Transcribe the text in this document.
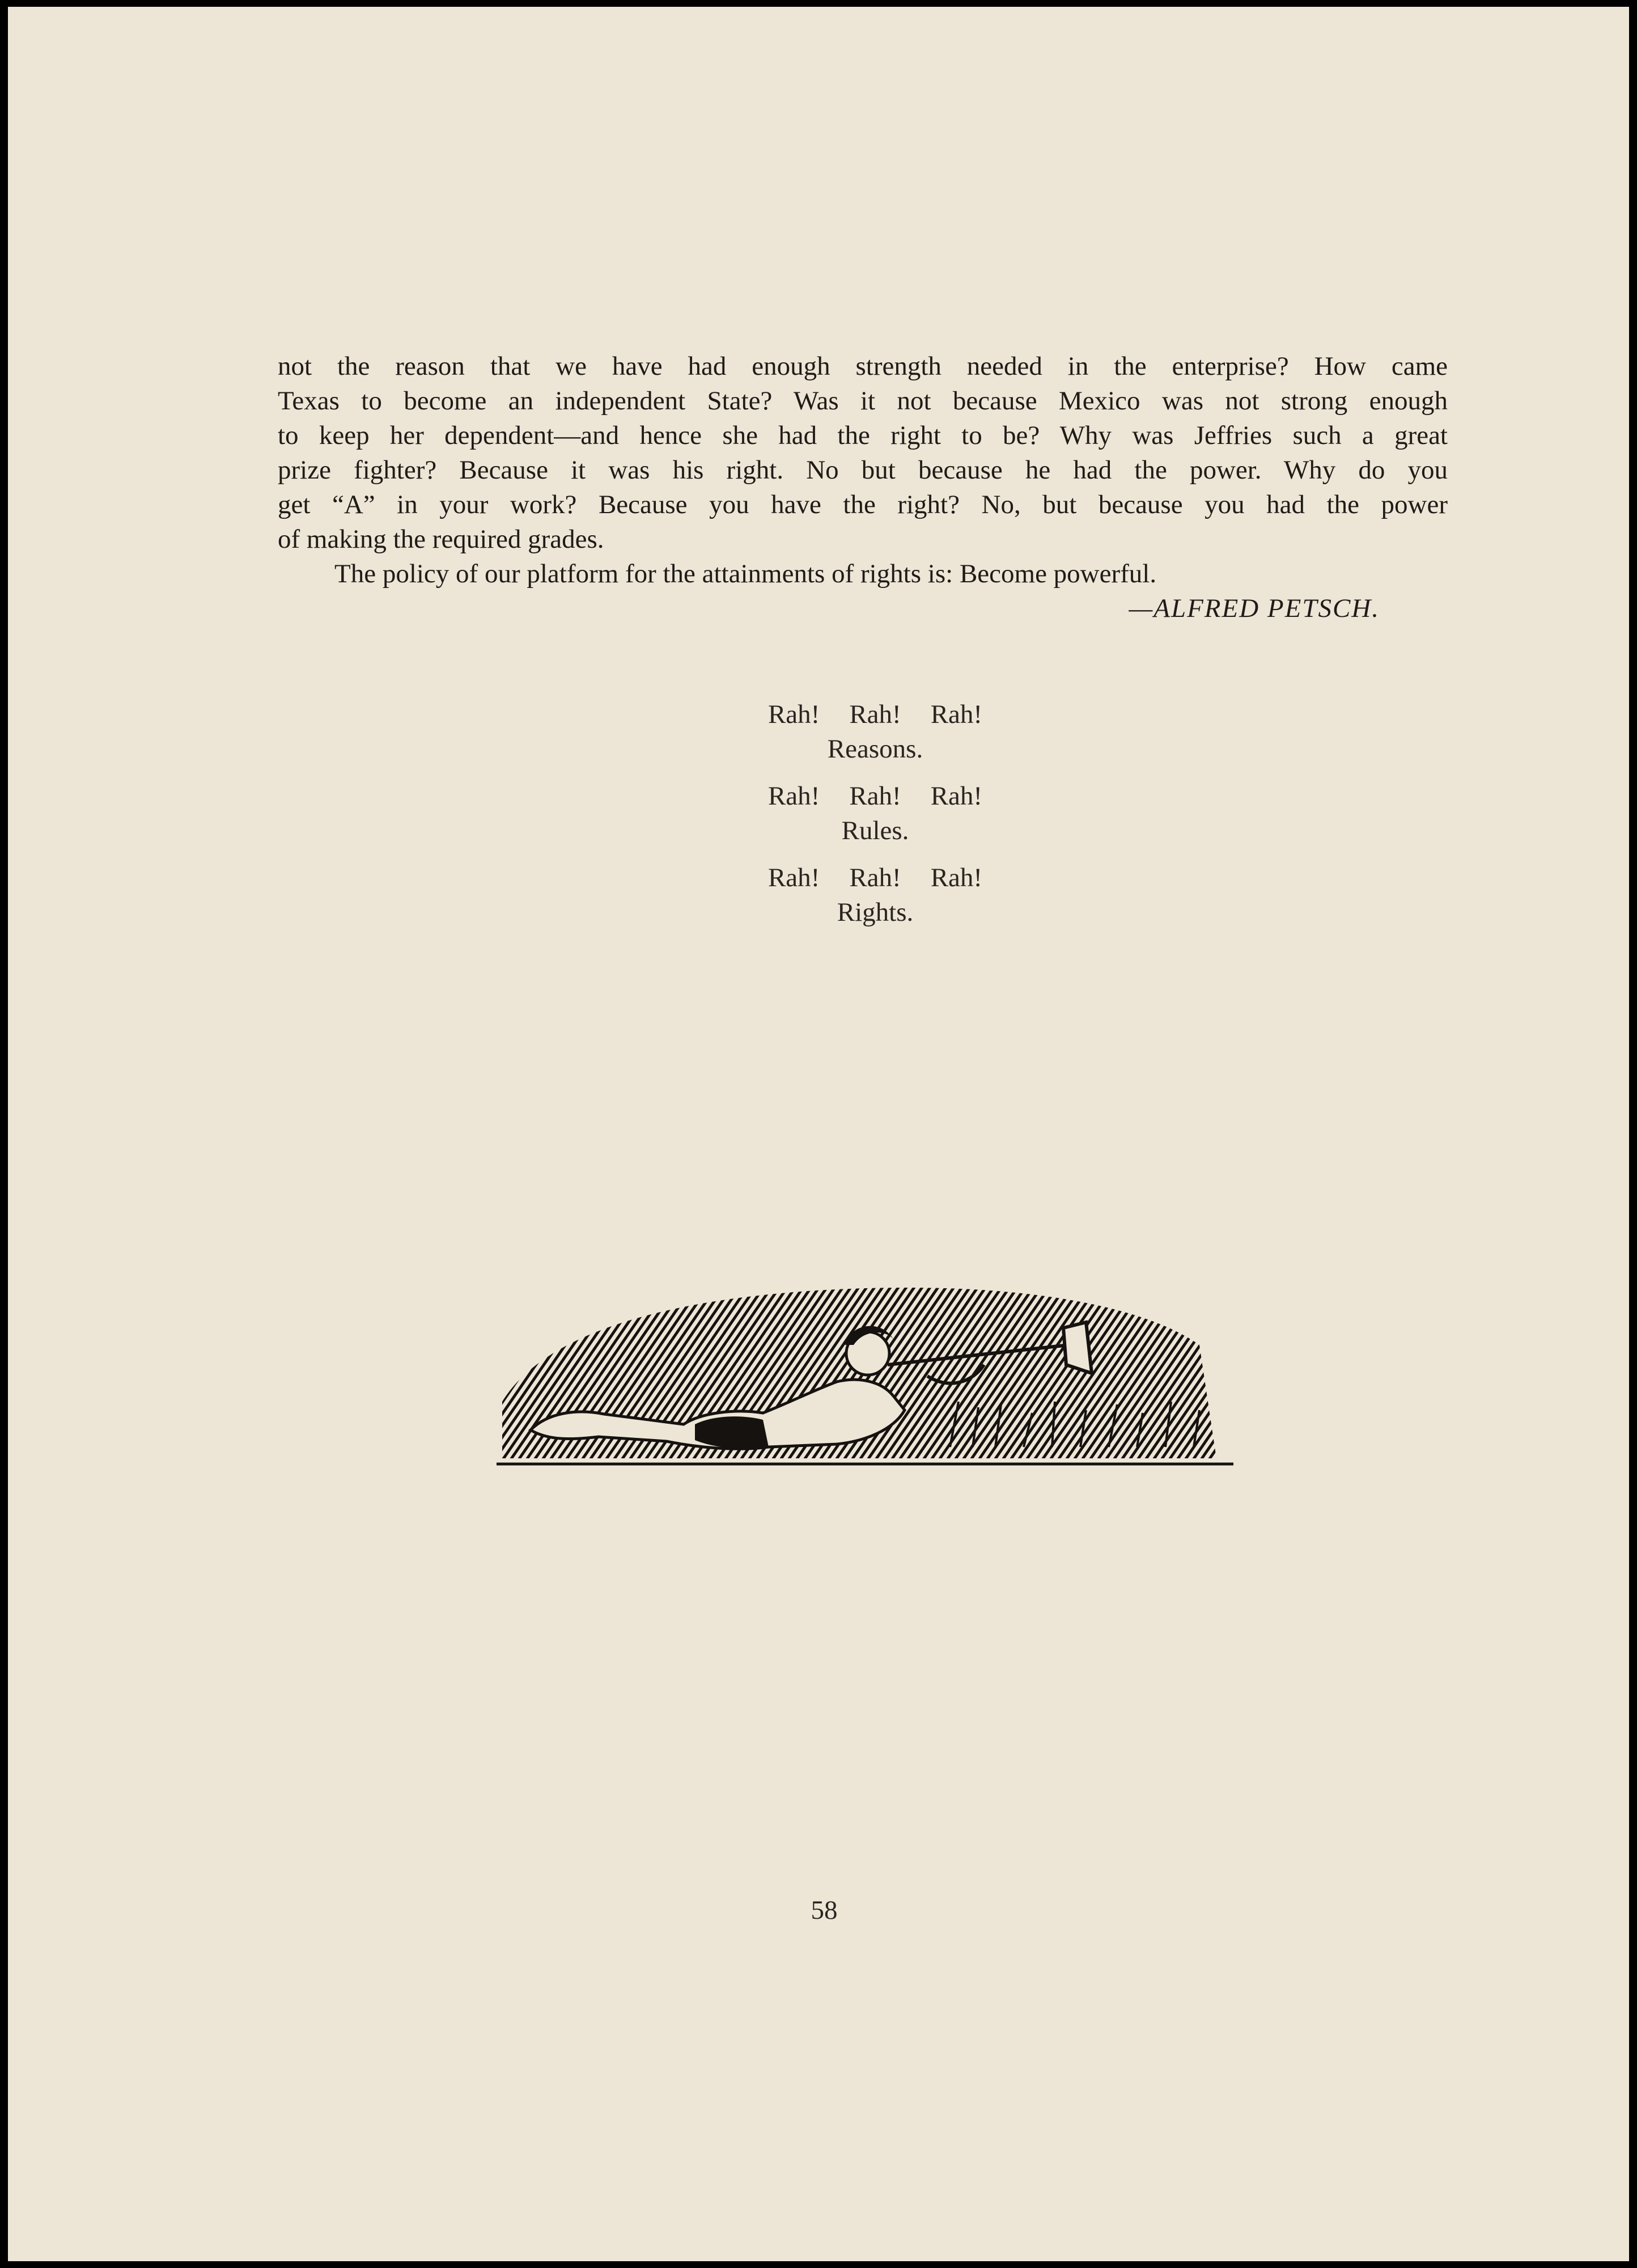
not the reason that we have had enough strength needed in the enterprise? How came
Texas to become an independent State? Was it not because Mexico was not strong enough
to keep her dependent—and hence she had the right to be? Why was Jeffries such a great
prize fighter? Because it was his right. No but because he had the power. Why do you
get “A” in your work? Because you have the right? No, but because you had the power
of making the required grades.
The policy of our platform for the attainments of rights is: Become powerful.
—ALFRED PETSCH.
Rah! Rah! Rah!
Reasons.
Rah! Rah! Rah!
Rules.
Rah! Rah! Rah!
Rights.
58
